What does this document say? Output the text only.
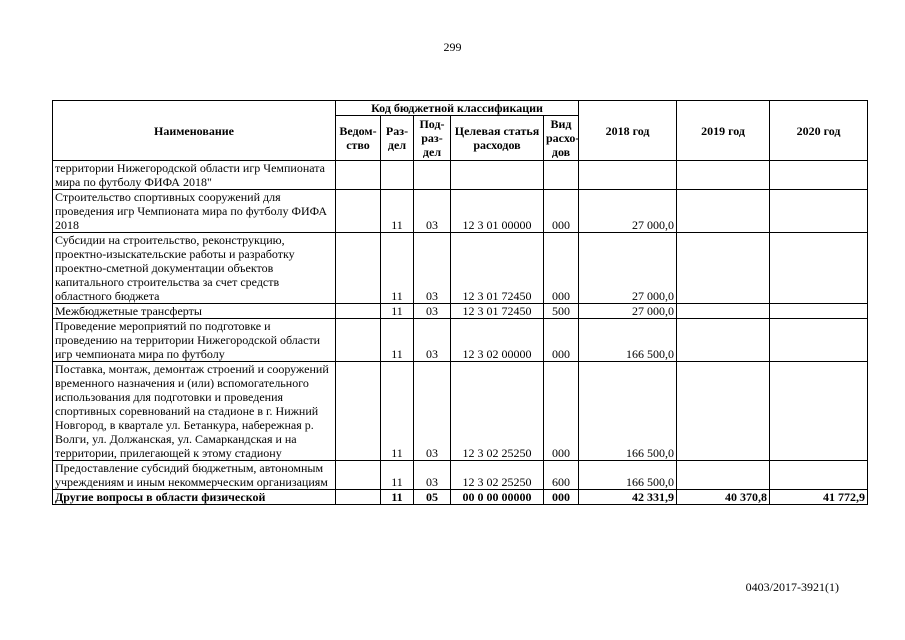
299
Наименование	Код бюджетной классификации					2018 год	2019 год	2020 год
	Ведом-ство	Раз-дел	Под-раз-дел	Целевая статья расходов	Вид расхо-дов			
территории Нижегородской области игр Чемпионата мира по футболу ФИФА 2018"								
Строительство спортивных сооружений для проведения игр Чемпионата мира по футболу ФИФА 2018		11	03	12 3 01 00000	000	27 000,0		
Субсидии на строительство, реконструкцию, проектно-изыскательские работы и разработку проектно-сметной документации объектов капитального строительства за счет средств областного бюджета		11	03	12 3 01 72450	000	27 000,0		
Межбюджетные трансферты		11	03	12 3 01 72450	500	27 000,0		
Проведение мероприятий по подготовке и проведению на территории Нижегородской области игр чемпионата мира по футболу		11	03	12 3 02 00000	000	166 500,0		
Поставка, монтаж, демонтаж строений и сооружений временного назначения и (или) вспомогательного использования для подготовки и проведения спортивных соревнований на стадионе в г. Нижний Новгород, в квартале ул. Бетанкура, набережная р. Волги, ул. Должанская, ул. Самаркандская и на территории, прилегающей к этому стадиону		11	03	12 3 02 25250	000	166 500,0		
Предоставление субсидий бюджетным, автономным учреждениям и иным некоммерческим организациям		11	03	12 3 02 25250	600	166 500,0		
Другие вопросы в области физической		11	05	00 0 00 00000	000	42 331,9	40 370,8	41 772,9
0403/2017-3921(1)
